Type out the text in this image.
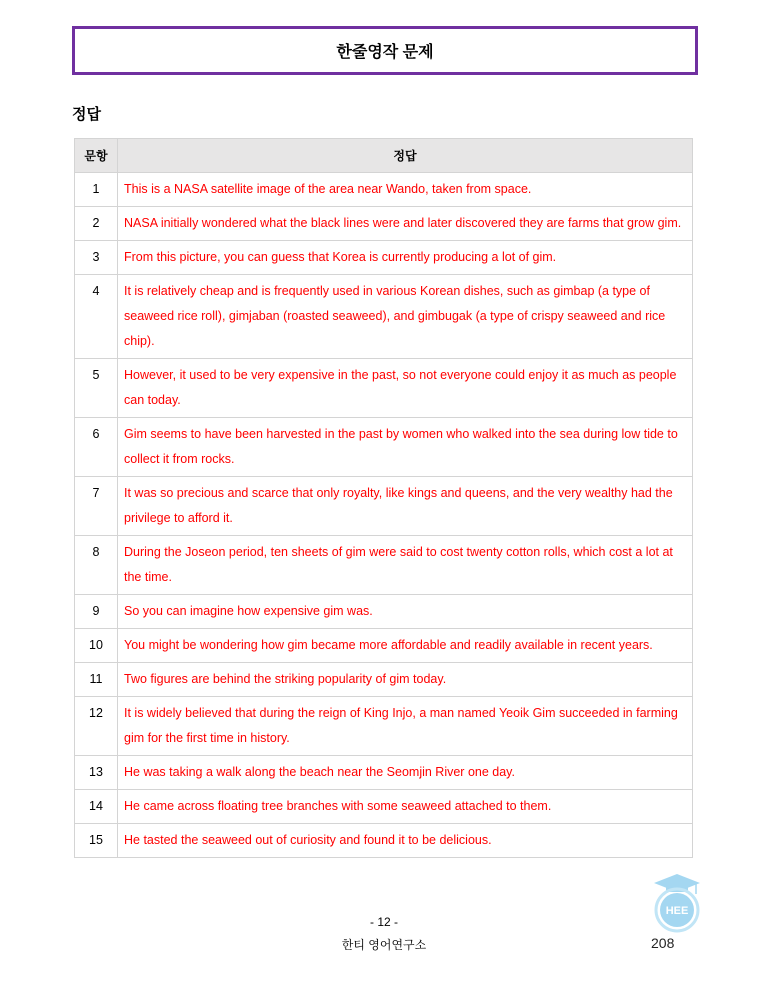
한줄영작 문제
정답
문항	정답
1	This is a NASA satellite image of the area near Wando, taken from space.
2	NASA initially wondered what the black lines were and later discovered they are farms that grow gim.
3	From this picture, you can guess that Korea is currently producing a lot of gim.
4	It is relatively cheap and is frequently used in various Korean dishes, such as gimbap (a type of seaweed rice roll), gimjaban (roasted seaweed), and gimbugak (a type of crispy seaweed and rice chip).
5	However, it used to be very expensive in the past, so not everyone could enjoy it as much as people can today.
6	Gim seems to have been harvested in the past by women who walked into the sea during low tide to collect it from rocks.
7	It was so precious and scarce that only royalty, like kings and queens, and the very wealthy had the privilege to afford it.
8	During the Joseon period, ten sheets of gim were said to cost twenty cotton rolls, which cost a lot at the time.
9	So you can imagine how expensive gim was.
10	You might be wondering how gim became more affordable and readily available in recent years.
11	Two figures are behind the striking popularity of gim today.
12	It is widely believed that during the reign of King Injo, a man named Yeoik Gim succeeded in farming gim for the first time in history.
13	He was taking a walk along the beach near the Seomjin River one day.
14	He came across floating tree branches with some seaweed attached to them.
15	He tasted the seaweed out of curiosity and found it to be delicious.
HEE
- 12 -
한티 영어연구소	208
